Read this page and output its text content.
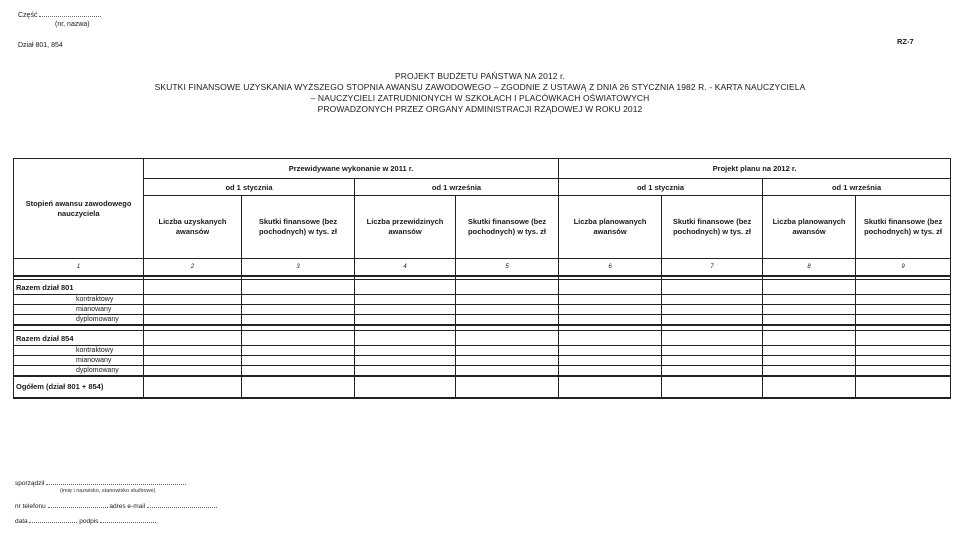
Część
(nr, nazwa)
Dział 801, 854	RZ-7
PROJEKT BUDŻETU PAŃSTWA NA 2012 r.
SKUTKI FINANSOWE UZYSKANIA WYŻSZEGO STOPNIA AWANSU ZAWODOWEGO – ZGODNIE Z USTAWĄ Z DNIA 26 STYCZNIA 1982 R. - KARTA NAUCZYCIELA
– NAUCZYCIELI ZATRUDNIONYCH W SZKOŁACH I PLACÓWKACH OŚWIATOWYCH
PROWADZONYCH PRZEZ ORGANY ADMINISTRACJI RZĄDOWEJ W ROKU 2012
Stopień awansu zawodowego nauczyciela	Przewidywane wykonanie w 2011 r.				Projekt planu na 2012 r.			
	od 1 stycznia		od 1 września		od 1 stycznia		od 1 września	
	Liczba uzyskanych awansów	Skutki finansowe (bez pochodnych) w tys. zł	Liczba przewidzinych awansów	Skutki finansowe (bez pochodnych) w tys. zł	Liczba planowanych awansów	Skutki finansowe (bez pochodnych) w tys. zł	Liczba planowanych awansów	Skutki finansowe (bez pochodnych) w tys. zł
1	2	3	4	5	6	7	8	9

Razem dział 801								
kontraktowy								
mianowany								
dyplomowany								

Razem dział 854								
kontraktowy								
mianowany								
dyplomowany								
Ogółem (dział 801 + 854)								
sporządził
(imię i nazwisko, stanowisko służbowe)
nr telefonu	adres e-mail
data	podpis
